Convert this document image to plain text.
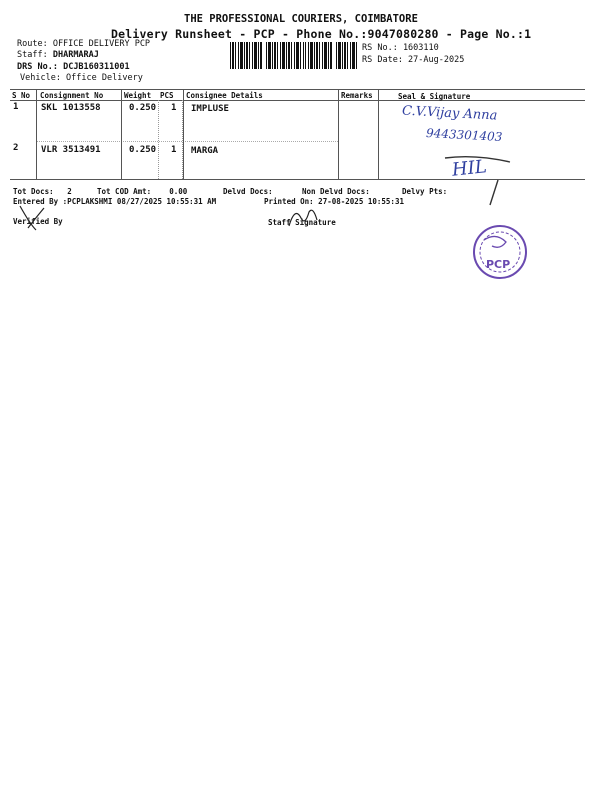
THE PROFESSIONAL COURIERS, COIMBATORE
Delivery Runsheet - PCP - Phone No.:9047080280 - Page No.:1
Route: OFFICE DELIVERY PCP
Staff: DHARMARAJ
DRS No.: DCJB160311001
Vehicle: Office Delivery
RS No.: 1603110
RS Date: 27-Aug-2025
S No Consignment No	Weight PCS Consignee Details	Remarks	Seal & Signature
1	SKL 1013558	0.250 1 IMPLUSE
2	VLR 3513491	0.250 1 MARGA
C.V.Vijay Anna
9443301403
HIL
Tot Docs: 2	Tot COD Amt: 0.00	Delvd Docs:	Non Delvd Docs:	Delvy Pts:
Entered By :PCPLAKSHMI 08/27/2025 10:55:31 AM	Printed On: 27-08-2025 10:55:31
Verified By	Staff Signature
PCP
